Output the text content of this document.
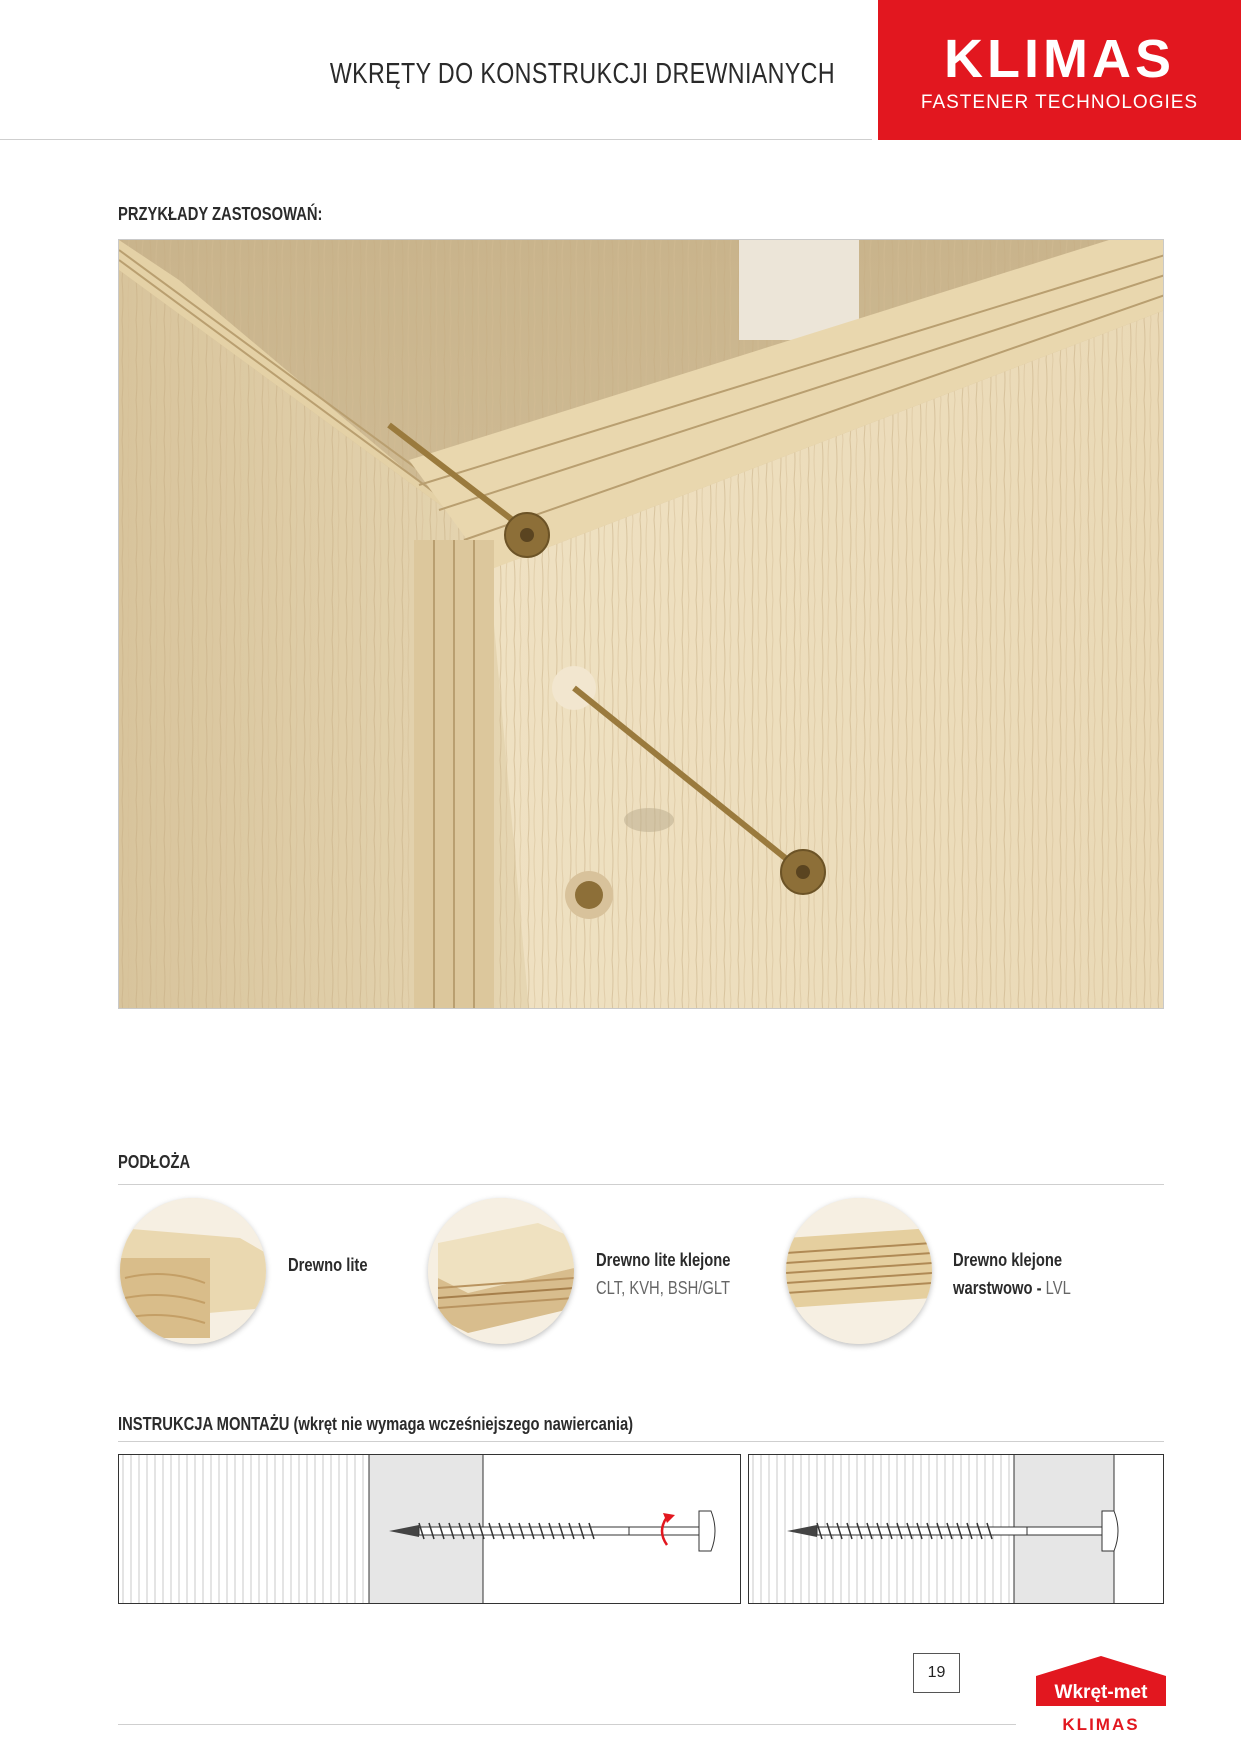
WKRĘTY DO KONSTRUKCJI DREWNIANYCH	KLIMAS
FASTENER TECHNOLOGIES
PRZYKŁADY ZASTOSOWAŃ:
PODŁOŻA
Drewno lite	Drewno lite klejone
CLT, KVH, BSH/GLT
Drewno klejone
warstwowo - LVL
INSTRUKCJA MONTAŻU (wkręt nie wymaga wcześniejszego nawiercania)
19
Wkręt-met
KLIMAS
